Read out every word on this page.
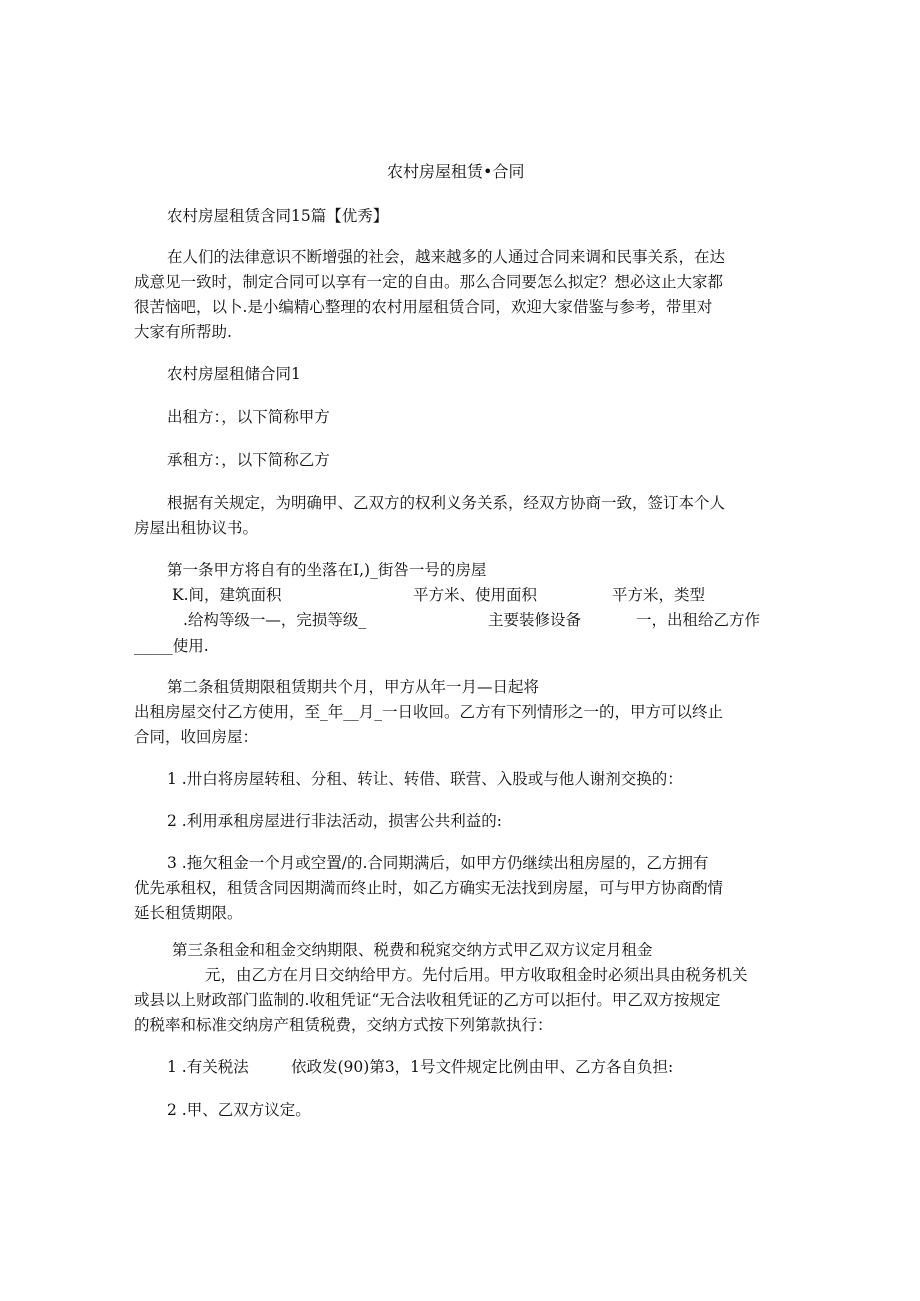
农村房屋租赁•合同

农村房屋租赁含同15篇【优秀】

在人们的法律意识不断增强的社会，越来越多的人通过合同来调和民事关系，在达

成意见一致时，制定合同可以享有一定的自由。那么合同要怎么拟定？想必这止大家都

很苦恼吧，以卜.是小编精心整理的农村用屋租赁合同，欢迎大家借鉴与参考，带里对

大家有所帮助.

农村房屋租储合同1

出租方：，以下简称甲方

承租方：，以下简称乙方

根据有关规定，为明确甲、乙双方的权利义务关系，经双方协商一致，签订本个人

房屋出租协议书。

第一条甲方将自有的坐落在I,)_街咎一号的房屋

K.间，建筑面积	平方米、使用面积	平方米，类型

.给构等级一—，完损等级_	主要装修设备	一，出租给乙方作

_____使用.

第二条租赁期限租赁期共个月，甲方从年一月—日起将

出租房屋交付乙方使用，至_年__月_一日收回。乙方有下列情形之一的，甲方可以终止

合同，收回房屋：

1 .卅白将房屋转租、分租、转让、转借、联营、入股或与他人谢剂交换的：

2 .利用承租房屋进行非法活动，损害公共利益的:

3 .拖欠租金一个月或空置/的.合同期满后，如甲方仍继续出租房屋的，乙方拥有

优先承租权，租赁含同因期満而终止时，如乙方确实无法找到房屋，可与甲方协商酌情

延长租赁期限。

第三条租金和租金交纳期限、税费和税窕交纳方式甲乙双方议定月租金

元，由乙方在月日交纳给甲方。先付后用。甲方收取租金时必须出具由税务机关

或县以上财政部门监制的.收租凭证“无合法收租凭证的乙方可以拒付。甲乙双方按规定

的税率和标准交纳房产租赁税费，交纳方式按下列第款执行：

1 .有关税法	依政发(90)第3，1号文件规定比例由甲、乙方各自负担:

2 .甲、乙双方议定。
